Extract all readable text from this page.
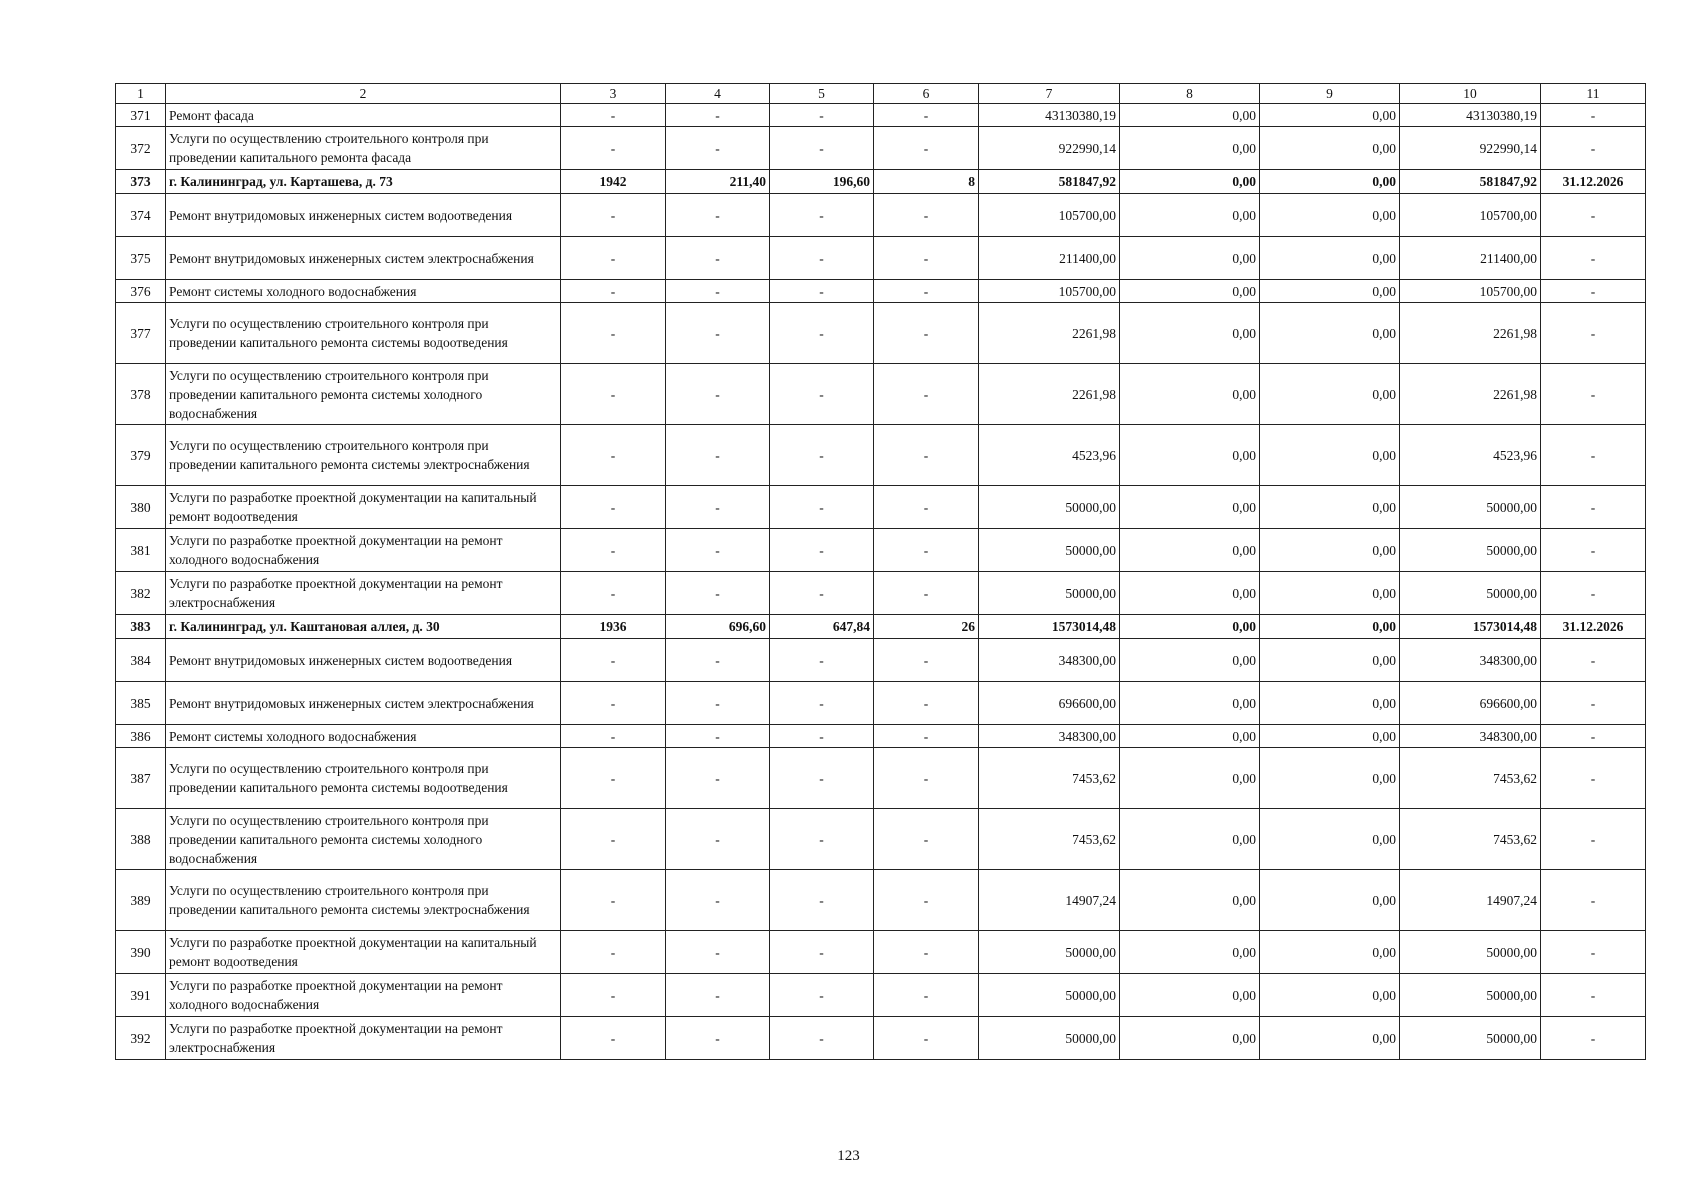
1	2	3	4	5	6	7	8	9	10	11
371	Ремонт фасада	-	-	-	-	43130380,19	0,00	0,00	43130380,19	-
372	Услуги по осуществлению строительного контроля при проведении капитального ремонта фасада	-	-	-	-	922990,14	0,00	0,00	922990,14	-
373	г. Калининград, ул. Карташева, д. 73	1942	211,40	196,60	8	581847,92	0,00	0,00	581847,92	31.12.2026
374	Ремонт внутридомовых инженерных систем водоотведения	-	-	-	-	105700,00	0,00	0,00	105700,00	-
375	Ремонт внутридомовых инженерных систем электроснабжения	-	-	-	-	211400,00	0,00	0,00	211400,00	-
376	Ремонт системы холодного водоснабжения	-	-	-	-	105700,00	0,00	0,00	105700,00	-
377	Услуги по осуществлению строительного контроля при проведении капитального ремонта системы водоотведения	-	-	-	-	2261,98	0,00	0,00	2261,98	-
378	Услуги по осуществлению строительного контроля при проведении капитального ремонта системы холодного водоснабжения	-	-	-	-	2261,98	0,00	0,00	2261,98	-
379	Услуги по осуществлению строительного контроля при проведении капитального ремонта системы электроснабжения	-	-	-	-	4523,96	0,00	0,00	4523,96	-
380	Услуги по разработке проектной документации на капитальный ремонт водоотведения	-	-	-	-	50000,00	0,00	0,00	50000,00	-
381	Услуги по разработке проектной документации на ремонт холодного водоснабжения	-	-	-	-	50000,00	0,00	0,00	50000,00	-
382	Услуги по разработке проектной документации на ремонт электроснабжения	-	-	-	-	50000,00	0,00	0,00	50000,00	-
383	г. Калининград, ул. Каштановая аллея, д. 30	1936	696,60	647,84	26	1573014,48	0,00	0,00	1573014,48	31.12.2026
384	Ремонт внутридомовых инженерных систем водоотведения	-	-	-	-	348300,00	0,00	0,00	348300,00	-
385	Ремонт внутридомовых инженерных систем электроснабжения	-	-	-	-	696600,00	0,00	0,00	696600,00	-
386	Ремонт системы холодного водоснабжения	-	-	-	-	348300,00	0,00	0,00	348300,00	-
387	Услуги по осуществлению строительного контроля при проведении капитального ремонта системы водоотведения	-	-	-	-	7453,62	0,00	0,00	7453,62	-
388	Услуги по осуществлению строительного контроля при проведении капитального ремонта системы холодного водоснабжения	-	-	-	-	7453,62	0,00	0,00	7453,62	-
389	Услуги по осуществлению строительного контроля при проведении капитального ремонта системы электроснабжения	-	-	-	-	14907,24	0,00	0,00	14907,24	-
390	Услуги по разработке проектной документации на капитальный ремонт водоотведения	-	-	-	-	50000,00	0,00	0,00	50000,00	-
391	Услуги по разработке проектной документации на ремонт холодного водоснабжения	-	-	-	-	50000,00	0,00	0,00	50000,00	-
392	Услуги по разработке проектной документации на ремонт электроснабжения	-	-	-	-	50000,00	0,00	0,00	50000,00	-
123
